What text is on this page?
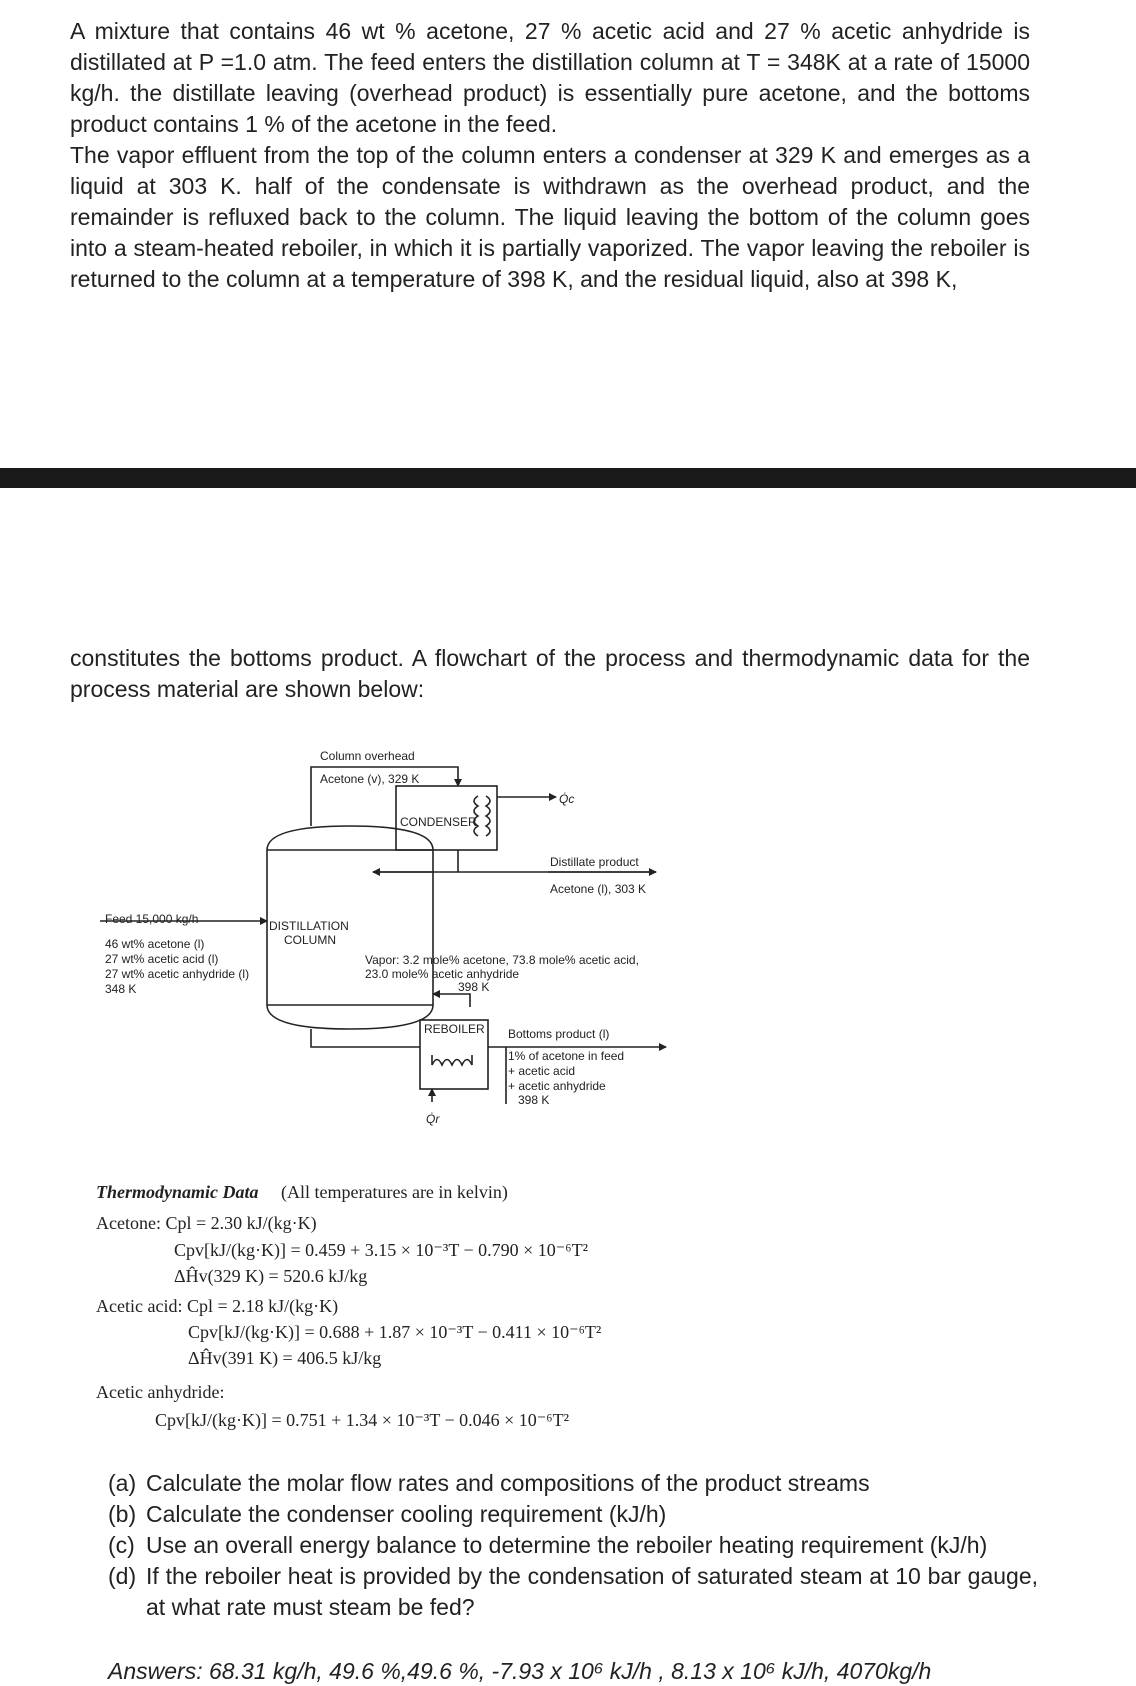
A mixture that contains 46 wt % acetone, 27 % acetic acid and 27 % acetic anhydride is distillated at P =1.0 atm. The feed enters the distillation column at T = 348K at a rate of 15000 kg/h. the distillate leaving (overhead product) is essentially pure acetone, and the bottoms product contains 1 % of the acetone in the feed.
The vapor effluent from the top of the column enters a condenser at 329 K and emerges as a liquid at 303 K. half of the condensate is withdrawn as the overhead product, and the remainder is refluxed back to the column. The liquid leaving the bottom of the column goes into a steam-heated reboiler, in which it is partially vaporized. The vapor leaving the reboiler is returned to the column at a temperature of 398 K, and the residual liquid, also at 398 K,
constitutes the bottoms product. A flowchart of the process and thermodynamic data for the process material are shown below:
Column overhead
Acetone (v), 329 K
CONDENSER
Q̇c
Distillate product
Acetone (l), 303 K
DISTILLATION
COLUMN
Feed 15,000 kg/h
46 wt% acetone (l)
27 wt% acetic acid (l)
27 wt% acetic anhydride (l)
348 K
Vapor: 3.2 mole% acetone, 73.8 mole% acetic acid,
23.0 mole% acetic anhydride
398 K
REBOILER
Q̇r
Bottoms product (l)
1% of acetone in feed
+ acetic acid
+ acetic anhydride
398 K
Thermodynamic Data (All temperatures are in kelvin)
Acetone: Cpl = 2.30 kJ/(kg·K)
Cpv[kJ/(kg·K)] = 0.459 + 3.15 × 10⁻³T − 0.790 × 10⁻⁶T²
ΔĤv(329 K) = 520.6 kJ/kg
Acetic acid: Cpl = 2.18 kJ/(kg·K)
Cpv[kJ/(kg·K)] = 0.688 + 1.87 × 10⁻³T − 0.411 × 10⁻⁶T²
ΔĤv(391 K) = 406.5 kJ/kg
Acetic anhydride:
Cpv[kJ/(kg·K)] = 0.751 + 1.34 × 10⁻³T − 0.046 × 10⁻⁶T²
(a) Calculate the molar flow rates and compositions of the product streams
(b) Calculate the condenser cooling requirement (kJ/h)
(c) Use an overall energy balance to determine the reboiler heating requirement (kJ/h)
(d) If the reboiler heat is provided by the condensation of saturated steam at 10 bar gauge, at what rate must steam be fed?
Answers: 68.31 kg/h, 49.6 %,49.6 %, -7.93 x 10⁶ kJ/h , 8.13 x 10⁶ kJ/h, 4070kg/h
